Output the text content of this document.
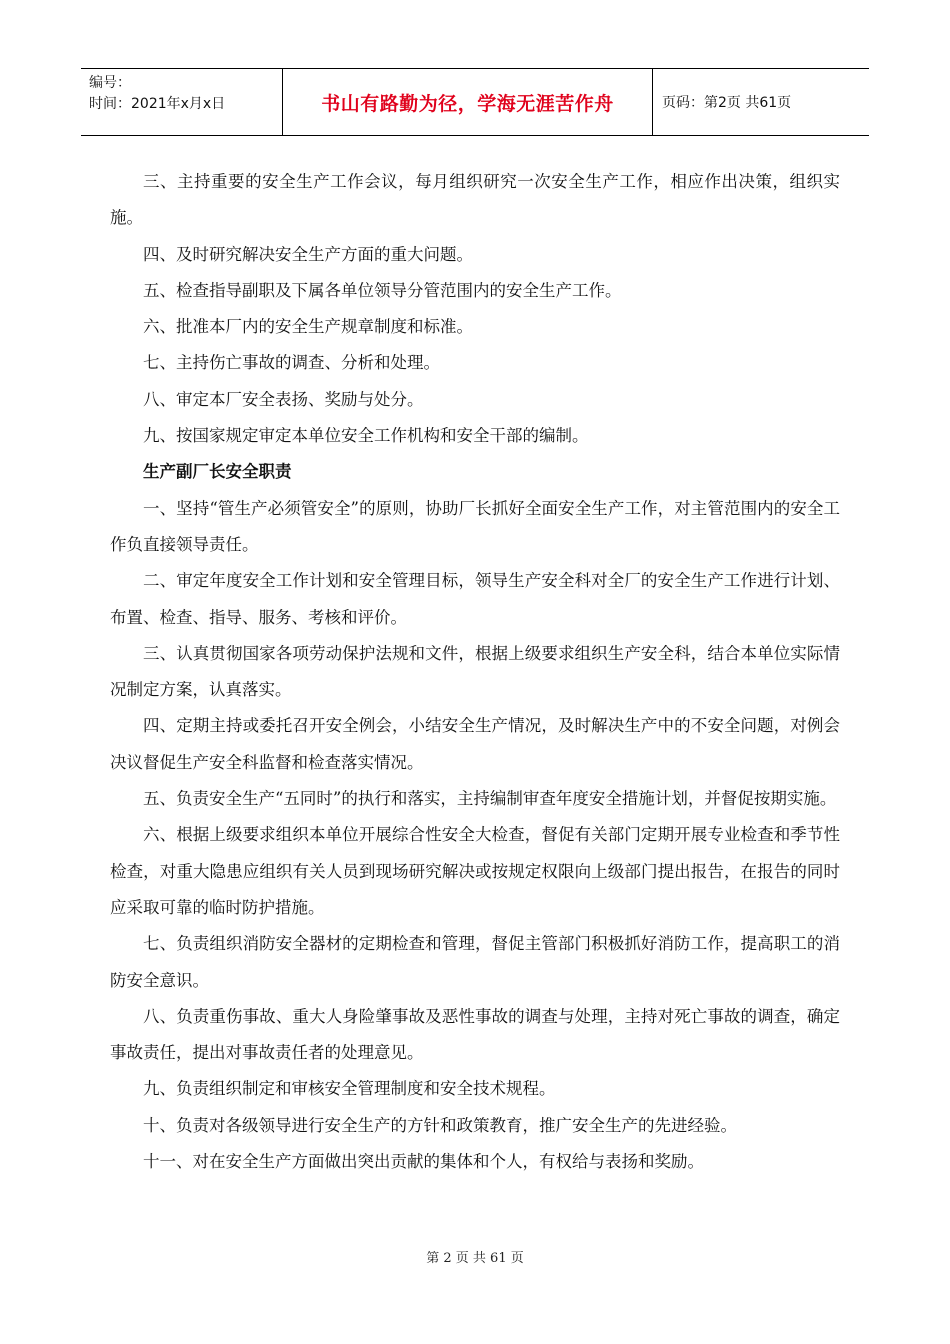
编号：
时间：2021年x月x日	书山有路勤为径，学海无涯苦作舟	页码：第2页 共61页

三、主持重要的安全生产工作会议，每月组织研究一次安全生产工作，相应作出决策，组织实施。

四、及时研究解决安全生产方面的重大问题。

五、检查指导副职及下属各单位领导分管范围内的安全生产工作。

六、批准本厂内的安全生产规章制度和标准。

七、主持伤亡事故的调查、分析和处理。

八、审定本厂安全表扬、奖励与处分。

九、按国家规定审定本单位安全工作机构和安全干部的编制。

生产副厂长安全职责

一、坚持“管生产必须管安全”的原则，协助厂长抓好全面安全生产工作，对主管范围内的安全工作负直接领导责任。

二、审定年度安全工作计划和安全管理目标，领导生产安全科对全厂的安全生产工作进行计划、布置、检查、指导、服务、考核和评价。

三、认真贯彻国家各项劳动保护法规和文件，根据上级要求组织生产安全科，结合本单位实际情况制定方案，认真落实。

四、定期主持或委托召开安全例会，小结安全生产情况，及时解决生产中的不安全问题，对例会决议督促生产安全科监督和检查落实情况。

五、负责安全生产“五同时”的执行和落实，主持编制审查年度安全措施计划，并督促按期实施。

六、根据上级要求组织本单位开展综合性安全大检查，督促有关部门定期开展专业检查和季节性检查，对重大隐患应组织有关人员到现场研究解决或按规定权限向上级部门提出报告，在报告的同时应采取可靠的临时防护措施。

七、负责组织消防安全器材的定期检查和管理，督促主管部门积极抓好消防工作，提高职工的消防安全意识。

八、负责重伤事故、重大人身险肇事故及恶性事故的调查与处理，主持对死亡事故的调查，确定事故责任，提出对事故责任者的处理意见。

九、负责组织制定和审核安全管理制度和安全技术规程。

十、负责对各级领导进行安全生产的方针和政策教育，推广安全生产的先进经验。

十一、对在安全生产方面做出突出贡献的集体和个人，有权给与表扬和奖励。

第 2 页 共 61 页
